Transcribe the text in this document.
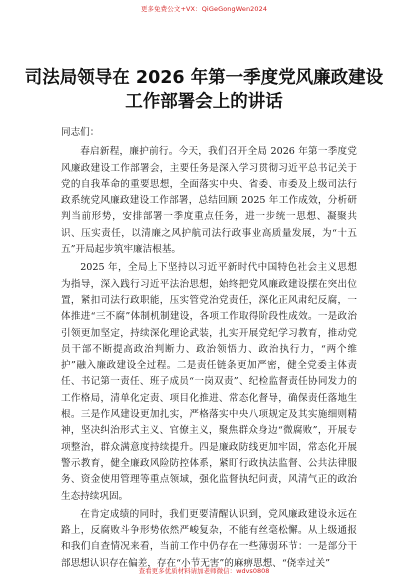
更多免费公文+VX：QiGeGongWen2024
司法局领导在 2026 年第一季度党风廉政建设工作部署会上的讲话

同志们：

春启新程，廉护前行。今天，我们召开全局 2026 年第一季度党风廉政建设工作部署会，主要任务是深入学习贯彻习近平总书记关于党的自我革命的重要思想，全面落实中央、省委、市委及上级司法行政系统党风廉政建设工作部署，总结回顾 2025 年工作成效，分析研判当前形势，安排部署一季度重点任务，进一步统一思想、凝聚共识、压实责任，以清廉之风护航司法行政事业高质量发展，为“十五五”开局起步筑牢廉洁根基。

2025 年，全局上下坚持以习近平新时代中国特色社会主义思想为指导，深入践行习近平法治思想，始终把党风廉政建设摆在突出位置，紧扣司法行政职能，压实管党治党责任，深化正风肃纪反腐，一体推进“三不腐”体制机制建设，各项工作取得阶段性成效。一是政治引领更加坚定，持续深化理论武装，扎实开展党纪学习教育，推动党员干部不断提高政治判断力、政治领悟力、政治执行力，“两个维护”融入廉政建设全过程。二是责任链条更加严密，健全党委主体责任、书记第一责任、班子成员“一岗双责”、纪检监督责任协同发力的工作格局，清单化定责、项目化推进、常态化督导，确保责任落地生根。三是作风建设更加扎实，严格落实中央八项规定及其实施细则精神，坚决纠治形式主义、官僚主义，聚焦群众身边“微腐败”，开展专项整治，群众满意度持续提升。四是廉政防线更加牢固，常态化开展警示教育，健全廉政风险防控体系，紧盯行政执法监督、公共法律服务、资金使用管理等重点领域，强化监督执纪问责，风清气正的政治生态持续巩固。

在肯定成绩的同时，我们更要清醒认识到，党风廉政建设永远在路上，反腐败斗争形势依然严峻复杂，不能有丝毫松懈。从上级通报和我们自查情况来看，当前工作中仍存在一些薄弱环节：一是部分干部思想认识存在偏差，存在“小节无害”的麻痹思想、“侥幸过关”

查看更多优质材料请加老师微信：wdvs0808
